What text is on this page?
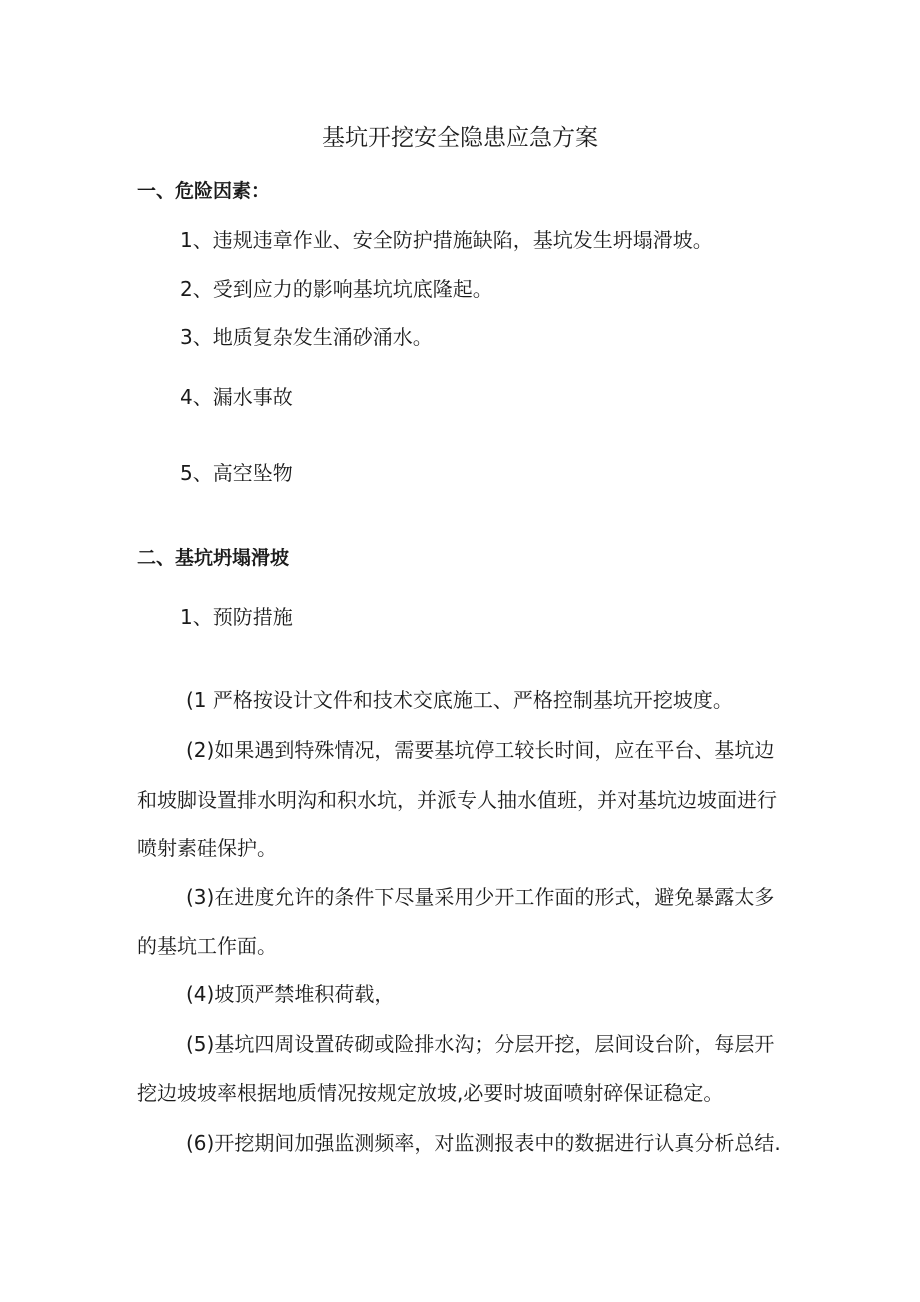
基坑开挖安全隐患应急方案
一、危险因素：
1、违规违章作业、安全防护措施缺陷，基坑发生坍塌滑坡。
2、受到应力的影响基坑坑底隆起。
3、地质复杂发生涌砂涌水。
4、漏水事故
5、高空坠物
二、基坑坍塌滑坡
1、预防措施
(1 严格按设计文件和技术交底施工、严格控制基坑开挖坡度。
(2)如果遇到特殊情况，需要基坑停工较长时间，应在平台、基坑边
和坡脚设置排水明沟和积水坑，并派专人抽水值班，并对基坑边坡面进行
喷射素硅保护。
(3)在进度允许的条件下尽量采用少开工作面的形式，避免暴露太多
的基坑工作面。
(4)坡顶严禁堆积荷载，
(5)基坑四周设置砖砌或险排水沟；分层开挖，层间设台阶，每层开
挖边坡坡率根据地质情况按规定放坡,必要时坡面喷射碎保证稳定。
(6)开挖期间加强监测频率，对监测报表中的数据进行认真分析总结.
